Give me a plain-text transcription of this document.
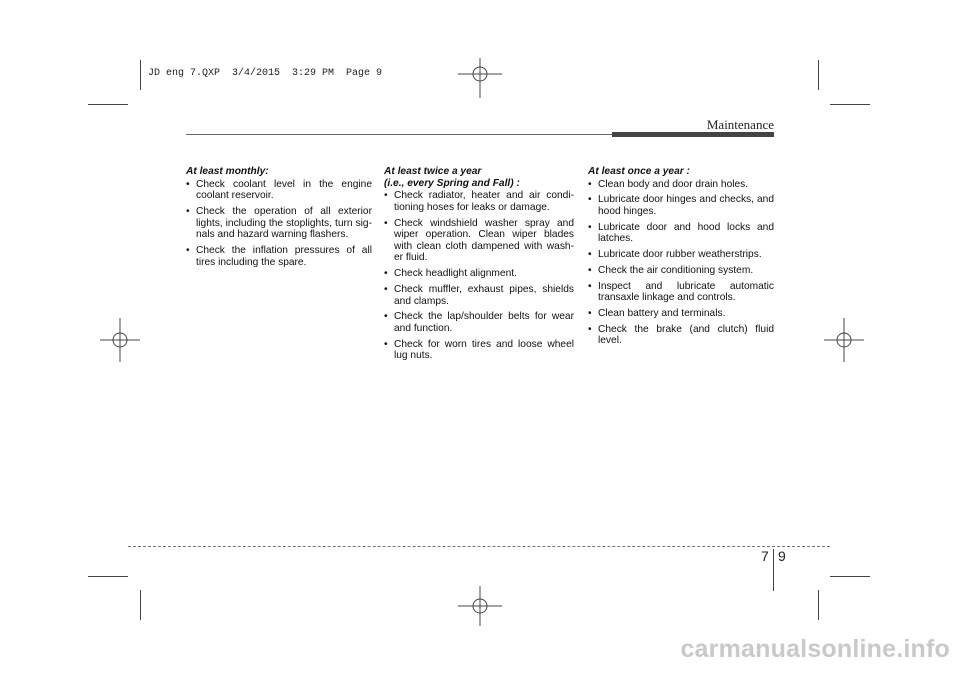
JD eng 7.QXP  3/4/2015  3:29 PM  Page 9
Maintenance
At least monthly:
• Check coolant level in the engine coolant reservoir.
• Check the operation of all exterior lights, including the stoplights, turn sig-nals and hazard warning flashers.
• Check the inflation pressures of all tires including the spare.
At least twice a year
(i.e., every Spring and Fall) :
• Check radiator, heater and air condi-tioning hoses for leaks or damage.
• Check windshield washer spray and wiper operation. Clean wiper blades with clean cloth dampened with wash-er fluid.
• Check headlight alignment.
• Check muffler, exhaust pipes, shields and clamps.
• Check the lap/shoulder belts for wear and function.
• Check for worn tires and loose wheel lug nuts.
At least once a year :
• Clean body and door drain holes.
• Lubricate door hinges and checks, and hood hinges.
• Lubricate door and hood locks and latches.
• Lubricate door rubber weatherstrips.
• Check the air conditioning system.
• Inspect and lubricate automatic transaxle linkage and controls.
• Clean battery and terminals.
• Check the brake (and clutch) fluid level.
7 9
carmanualsonline.info
